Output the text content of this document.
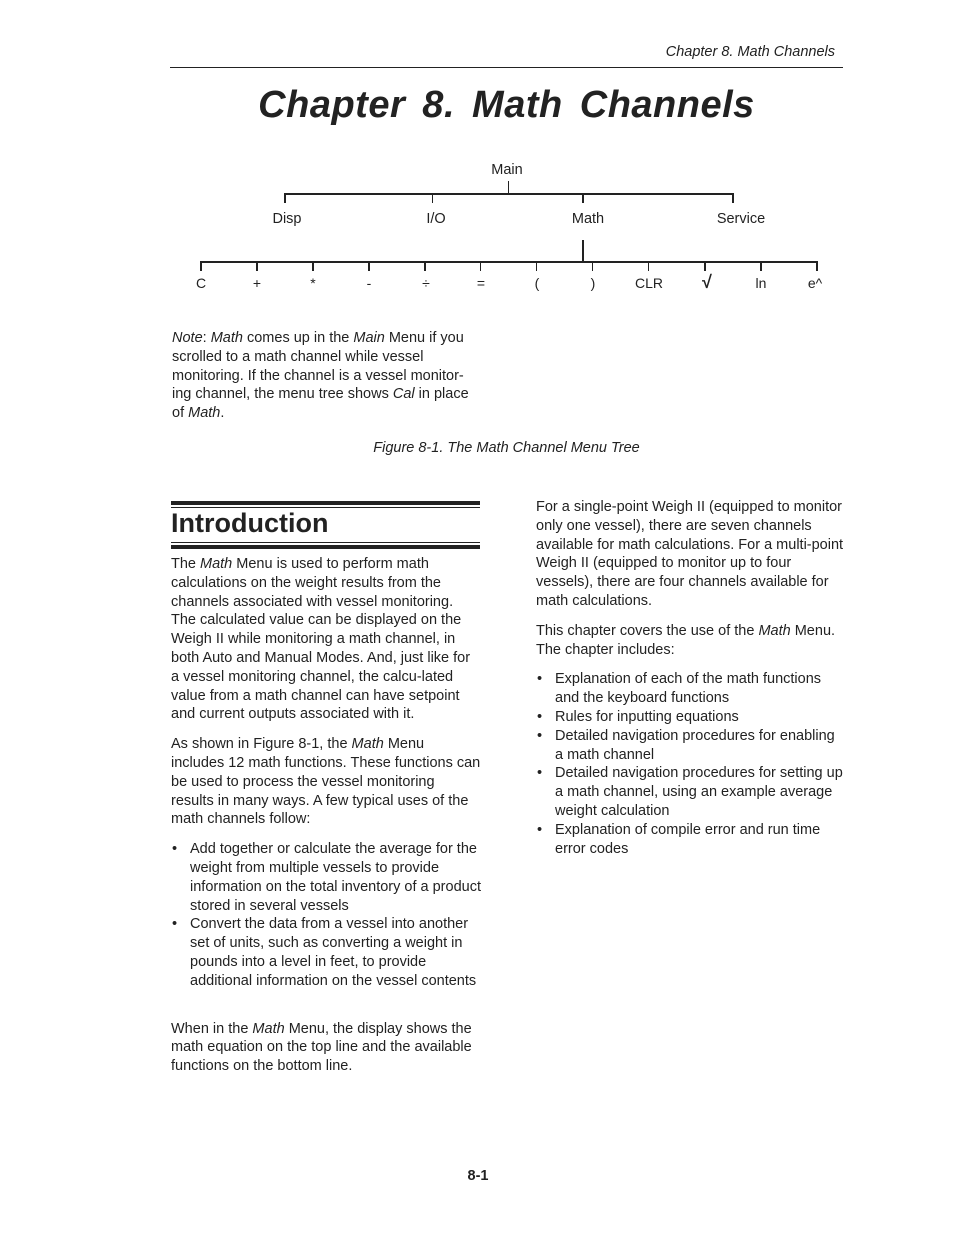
Chapter 8. Math Channels
Chapter 8. Math Channels
Main
Disp	I/O	Math	Service
C	+	*	-	÷	=	(	)	CLR √	ln	e^
Note: Math comes up in the Main Menu if you scrolled to a math channel while vessel monitoring. If the channel is a vessel monitor-ing channel, the menu tree shows Cal in place of Math.
Figure 8-1. The Math Channel Menu Tree
Introduction

The Math Menu is used to perform math calculations on the weight results from the channels associated with vessel monitoring. The calculated value can be displayed on the Weigh II while monitoring a math channel, in both Auto and Manual Modes. And, just like for a vessel monitoring channel, the calcu-lated value from a math channel can have setpoint and current outputs associated with it.

As shown in Figure 8-1, the Math Menu includes 12 math functions. These functions can be used to process the vessel monitoring results in many ways. A few typical uses of the math channels follow:

• Add together or calculate the average for the weight from multiple vessels to provide information on the total inventory of a product stored in several vessels
• Convert the data from a vessel into another set of units, such as converting a weight in pounds into a level in feet, to provide additional information on the vessel contents

When in the Math Menu, the display shows the math equation on the top line and the available functions on the bottom line.

For a single-point Weigh II (equipped to monitor only one vessel), there are seven channels available for math calculations. For a multi-point Weigh II (equipped to monitor up to four vessels), there are four channels available for math calculations.

This chapter covers the use of the Math Menu. The chapter includes:

• Explanation of each of the math functions and the keyboard functions
• Rules for inputting equations
• Detailed navigation procedures for enabling a math channel
• Detailed navigation procedures for setting up a math channel, using an example average weight calculation
• Explanation of compile error and run time error codes
8-1
